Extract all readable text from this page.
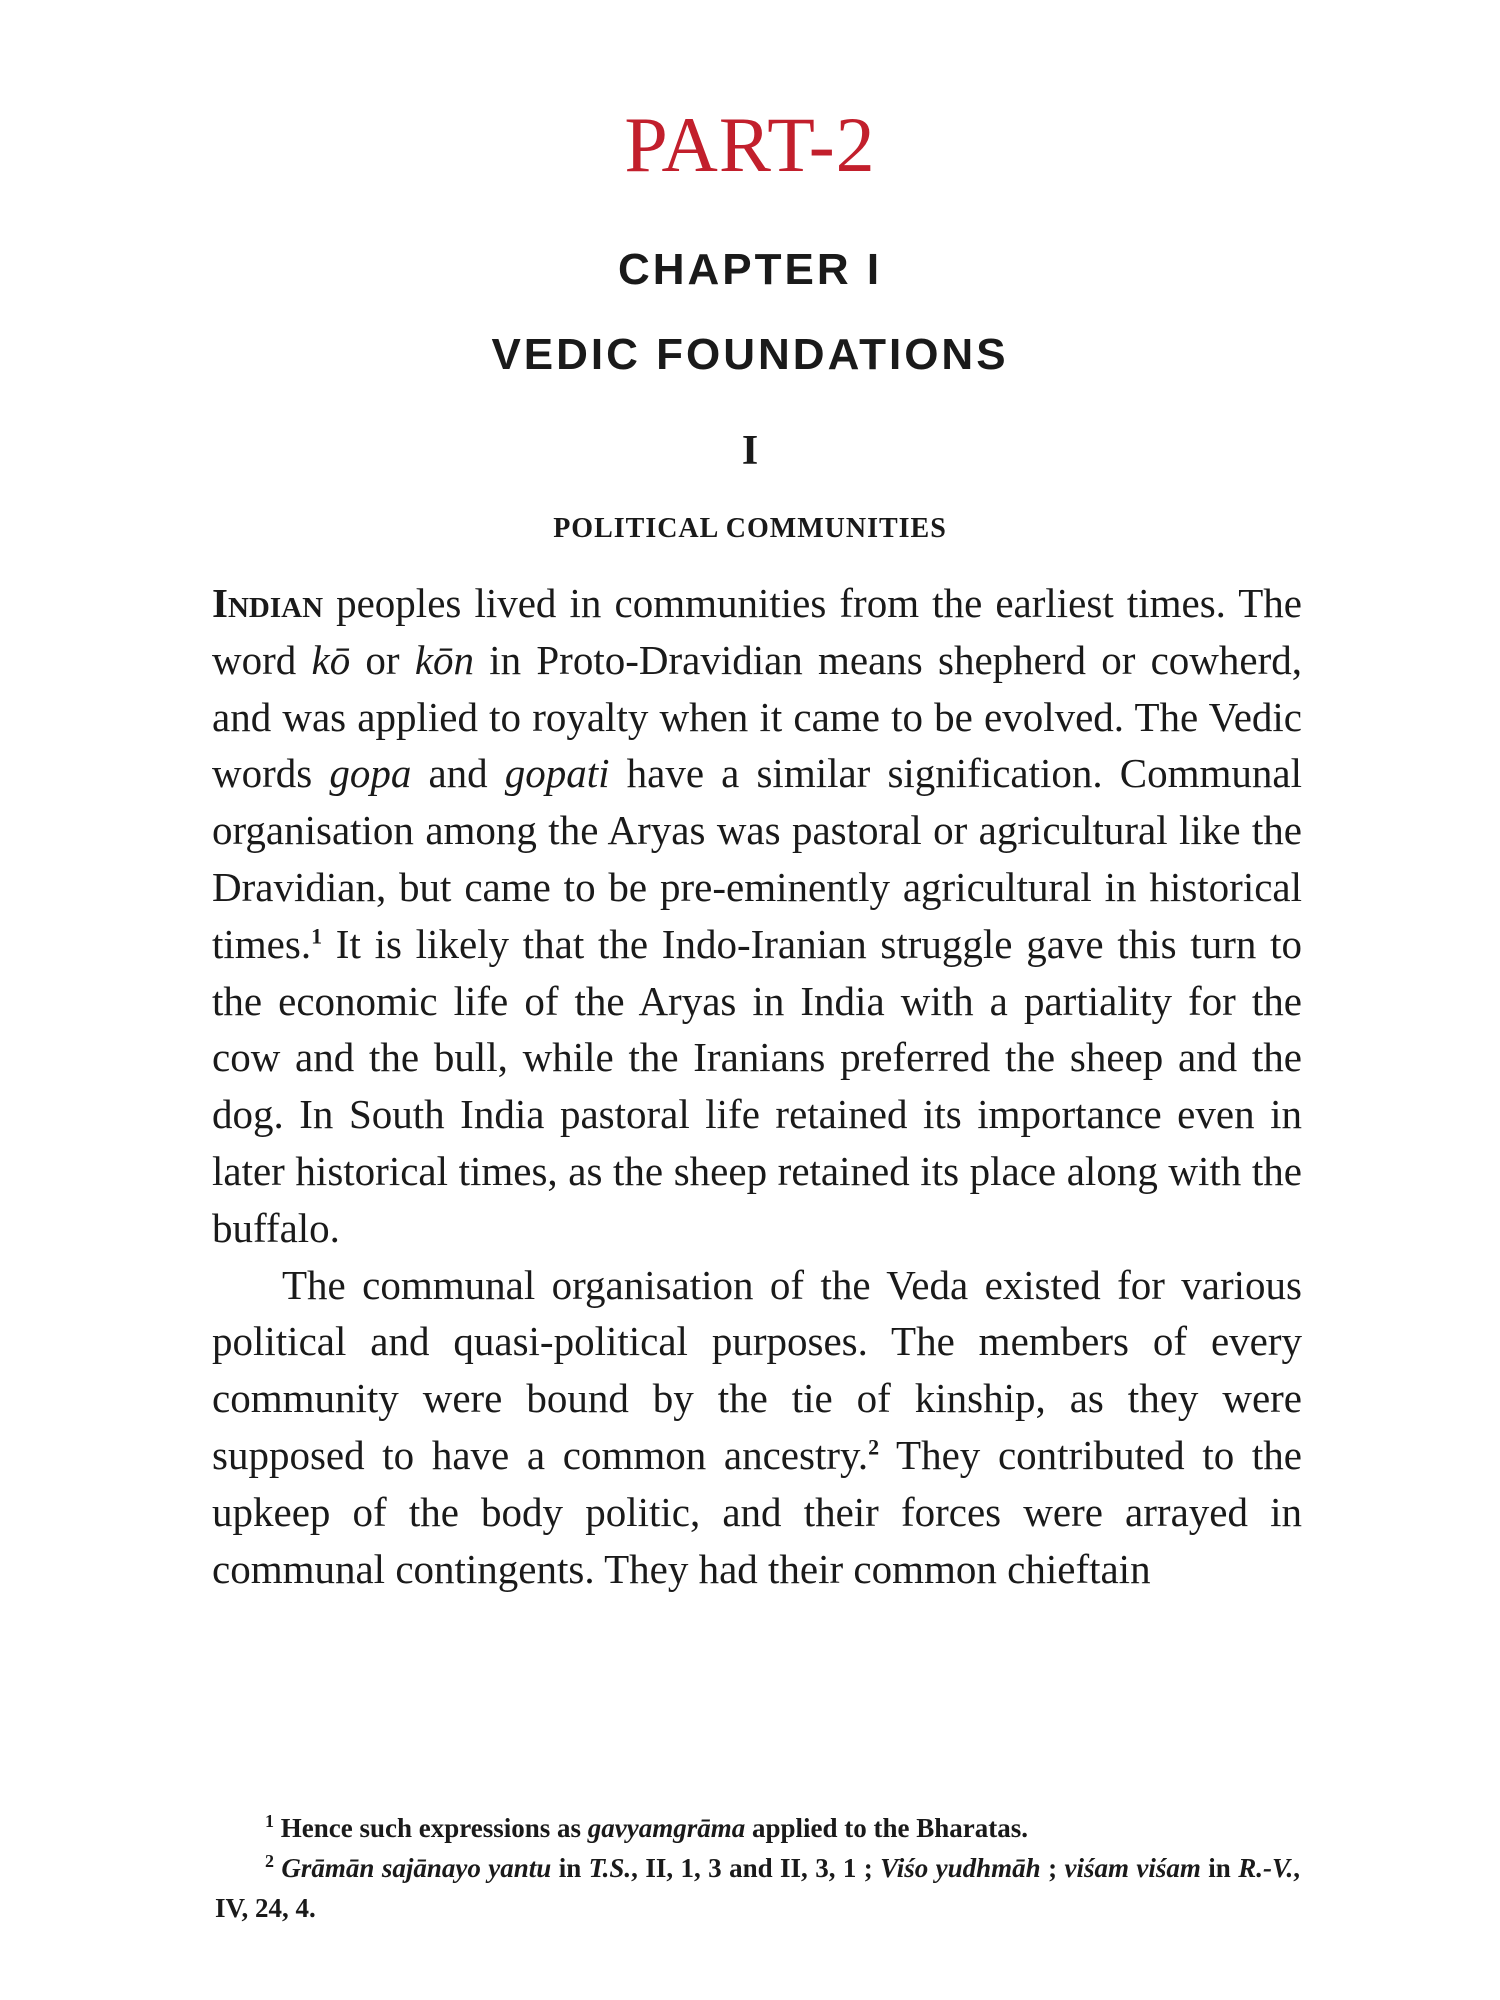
PART-2
CHAPTER I
VEDIC FOUNDATIONS
I
POLITICAL COMMUNITIES

Indian peoples lived in communities from the earliest times. The word kō or kōn in Proto-Dravidian means shepherd or cowherd, and was applied to royalty when it came to be evolved. The Vedic words gopa and gopati have a similar signification. Communal organisation among the Aryas was pastoral or agricultural like the Dravidian, but came to be pre-eminently agricultural in historical times.$^1$ It is likely that the Indo-Iranian struggle gave this turn to the economic life of the Aryas in India with a partiality for the cow and the bull, while the Iranians preferred the sheep and the dog. In South India pastoral life retained its importance even in later historical times, as the sheep retained its place along with the buffalo.

The communal organisation of the Veda existed for various political and quasi-political purposes. The members of every community were bound by the tie of kinship, as they were supposed to have a common ancestry.$^2$ They contributed to the upkeep of the body politic, and their forces were arrayed in communal contingents. They had their common chieftain

$^1$ Hence such expressions as gavyamgrāma applied to the Bharatas.

$^2$ Grāmān sajānayo yantu in T.S., II, 1, 3 and II, 3, 1 ; Viśo yudhmāh ; viśam viśam in R.-V., IV, 24, 4.
